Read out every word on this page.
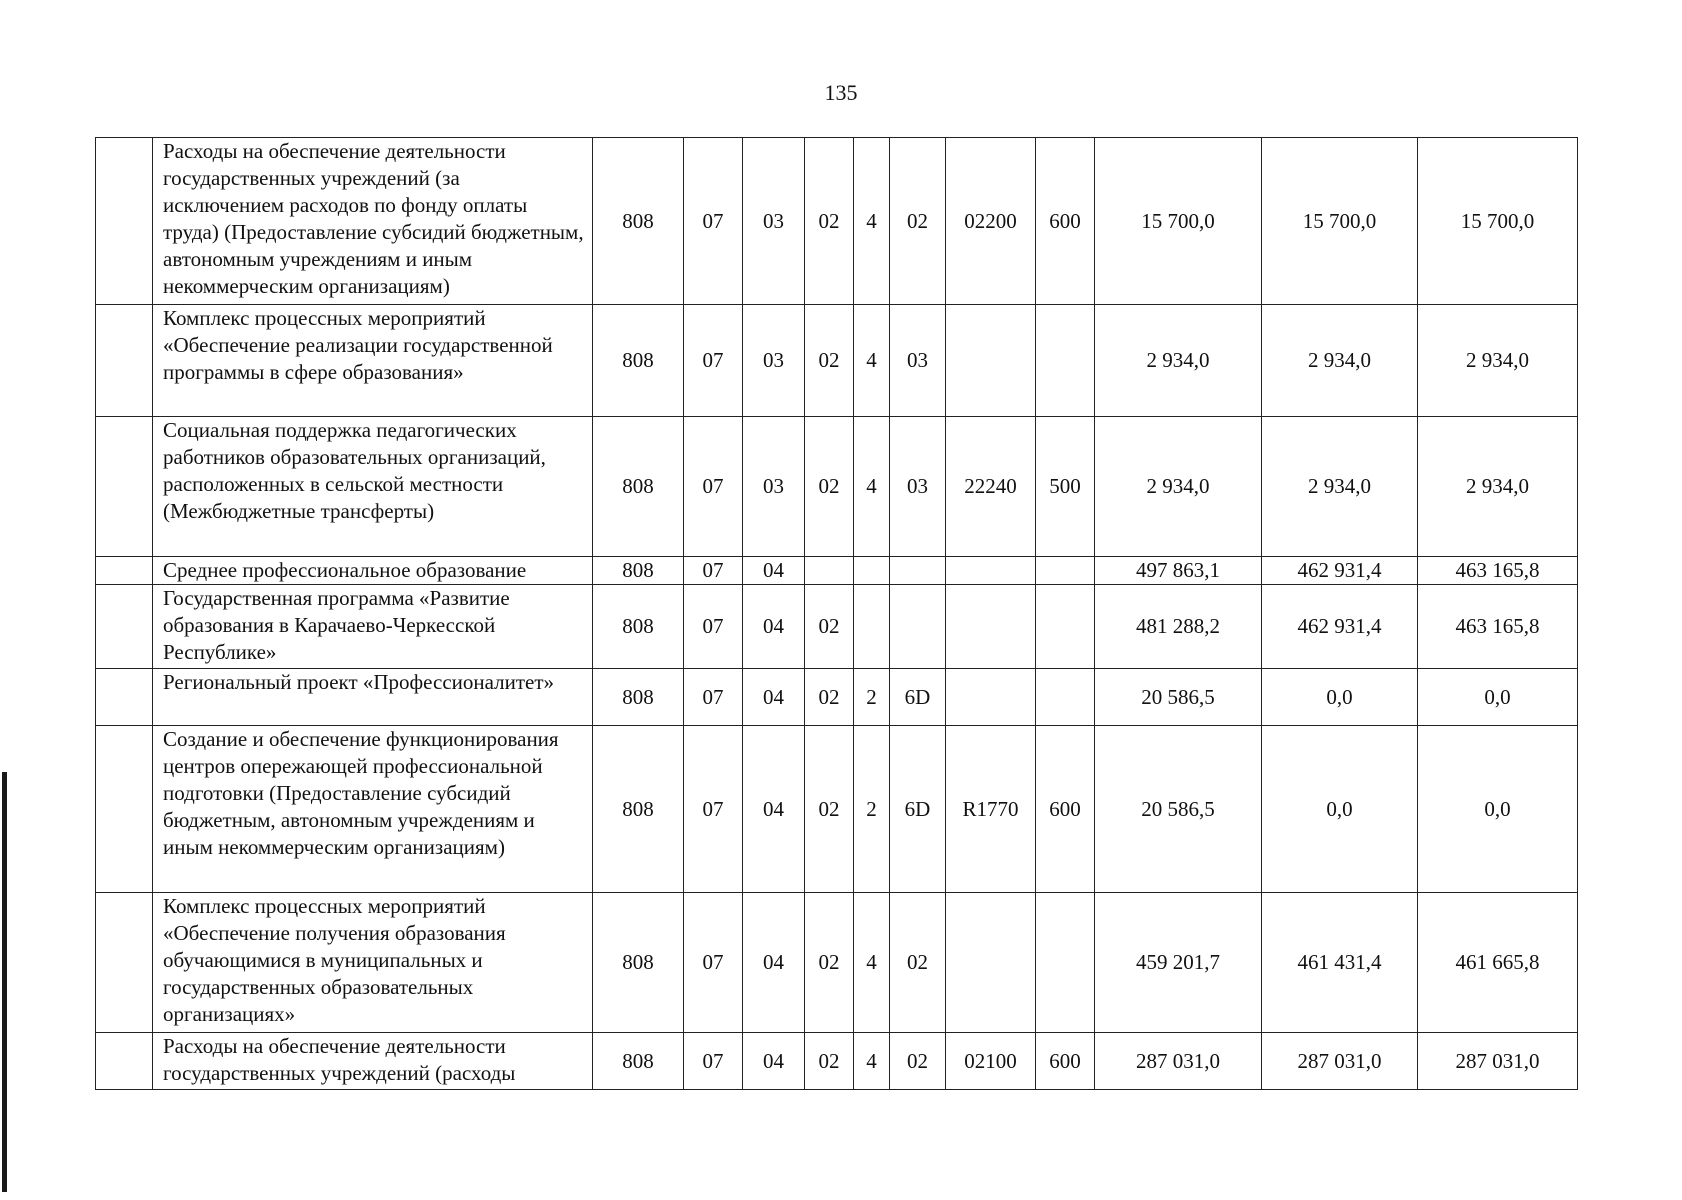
135
	Расходы на обеспечение деятельности государственных учреждений (за исключением расходов по фонду оплаты труда) (Предоставление субсидий бюджетным, автономным учреждениям и иным некоммерческим организациям)	808	07	03	02	4	02	02200	600	15 700,0	15 700,0	15 700,0
	Комплекс процессных мероприятий «Обеспечение реализации государственной программы в сфере образования»	808	07	03	02	4	03			2 934,0	2 934,0	2 934,0
	Социальная поддержка педагогических работников образовательных организаций, расположенных в сельской местности (Межбюджетные трансферты)	808	07	03	02	4	03	22240	500	2 934,0	2 934,0	2 934,0
	Среднее профессиональное образование	808	07	04						497 863,1	462 931,4	463 165,8
	Государственная программа «Развитие образования в Карачаево-Черкесской Республике»	808	07	04	02					481 288,2	462 931,4	463 165,8
	Региональный проект «Профессионалитет»	808	07	04	02	2	6D			20 586,5	0,0	0,0
	Создание и обеспечение функционирования центров опережающей профессиональной подготовки (Предоставление субсидий бюджетным, автономным учреждениям и иным некоммерческим организациям)	808	07	04	02	2	6D	R1770	600	20 586,5	0,0	0,0
	Комплекс процессных мероприятий «Обеспечение получения образования обучающимися в муниципальных и государственных образовательных организациях»	808	07	04	02	4	02			459 201,7	461 431,4	461 665,8
	Расходы на обеспечение деятельности государственных учреждений (расходы	808	07	04	02	4	02	02100	600	287 031,0	287 031,0	287 031,0
